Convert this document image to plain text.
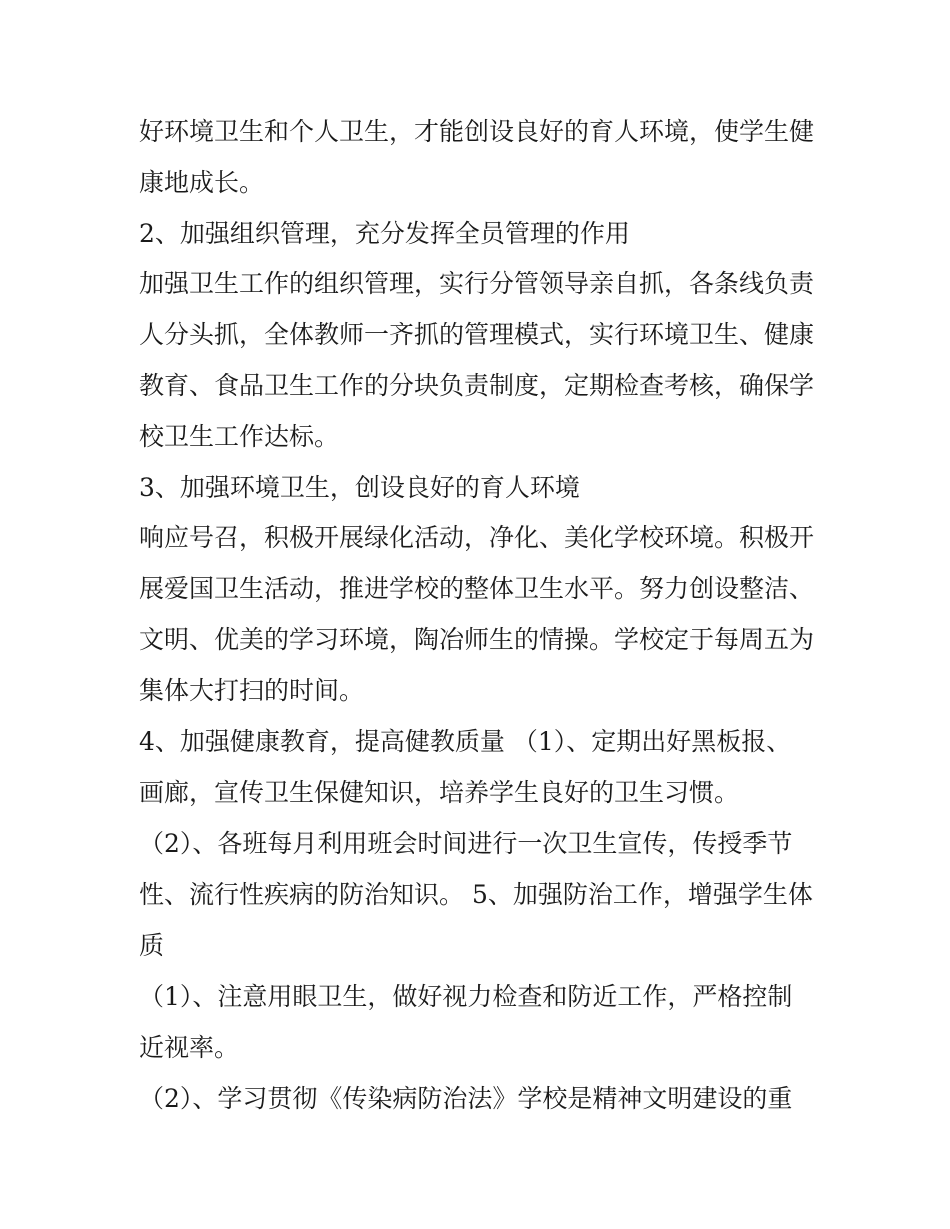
好环境卫生和个人卫生，才能创设良好的育人环境，使学生健
康地成长。
2、加强组织管理，充分发挥全员管理的作用
加强卫生工作的组织管理，实行分管领导亲自抓，各条线负责
人分头抓，全体教师一齐抓的管理模式，实行环境卫生、健康
教育、食品卫生工作的分块负责制度，定期检查考核，确保学
校卫生工作达标。
3、加强环境卫生，创设良好的育人环境
响应号召，积极开展绿化活动，净化、美化学校环境。积极开
展爱国卫生活动，推进学校的整体卫生水平。努力创设整洁、
文明、优美的学习环境，陶冶师生的情操。学校定于每周五为
集体大打扫的时间。
4、加强健康教育，提高健教质量 （1）、定期出好黑板报、
画廊，宣传卫生保健知识，培养学生良好的卫生习惯。
（2）、各班每月利用班会时间进行一次卫生宣传，传授季节
性、流行性疾病的防治知识。 5、加强防治工作，增强学生体
质
（1）、注意用眼卫生，做好视力检查和防近工作，严格控制
近视率。
（2）、学习贯彻《传染病防治法》学校是精神文明建设的重
